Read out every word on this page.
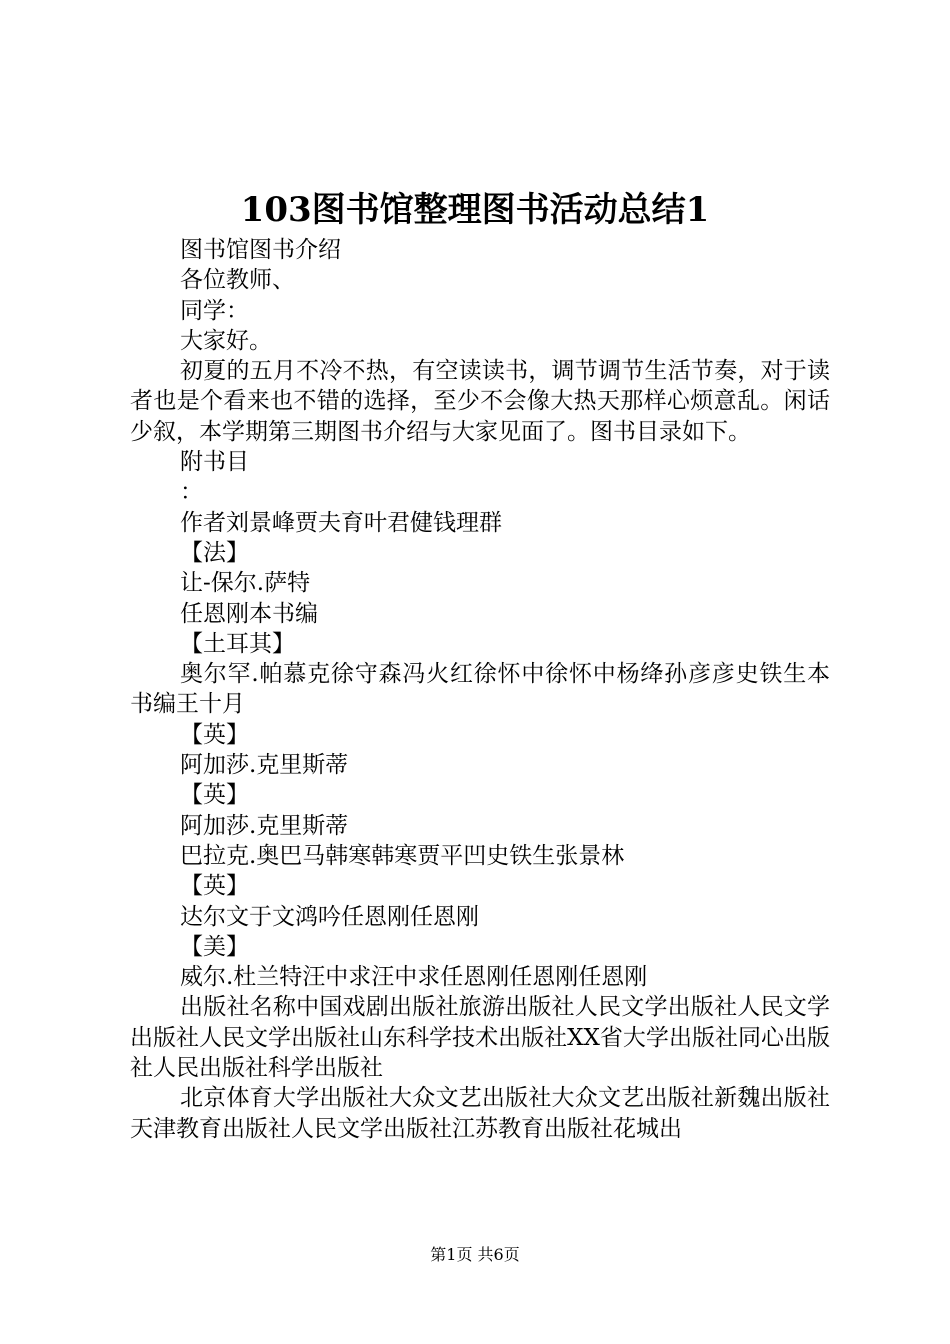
103图书馆整理图书活动总结1

图书馆图书介绍

各位教师、

同学：

大家好。

初夏的五月不冷不热，有空读读书，调节调节生活节奏，对于读者也是个看来也不错的选择，至少不会像大热天那样心烦意乱。闲话少叙，本学期第三期图书介绍与大家见面了。图书目录如下。

附书目

：

作者刘景峰贾夫育叶君健钱理群

【法】

让-保尔.萨特

任恩刚本书编

【土耳其】

奥尔罕.帕慕克徐守森冯火红徐怀中徐怀中杨绛孙彦彦史铁生本书编王十月

【英】

阿加莎.克里斯蒂

【英】

阿加莎.克里斯蒂

巴拉克.奥巴马韩寒韩寒贾平凹史铁生张景林

【英】

达尔文于文鸿吟任恩刚任恩刚

【美】

威尔.杜兰特汪中求汪中求任恩刚任恩刚任恩刚

出版社名称中国戏剧出版社旅游出版社人民文学出版社人民文学出版社人民文学出版社山东科学技术出版社XX省大学出版社同心出版社人民出版社科学出版社

北京体育大学出版社大众文艺出版社大众文艺出版社新魏出版社天津教育出版社人民文学出版社江苏教育出版社花城出

第1页 共6页
